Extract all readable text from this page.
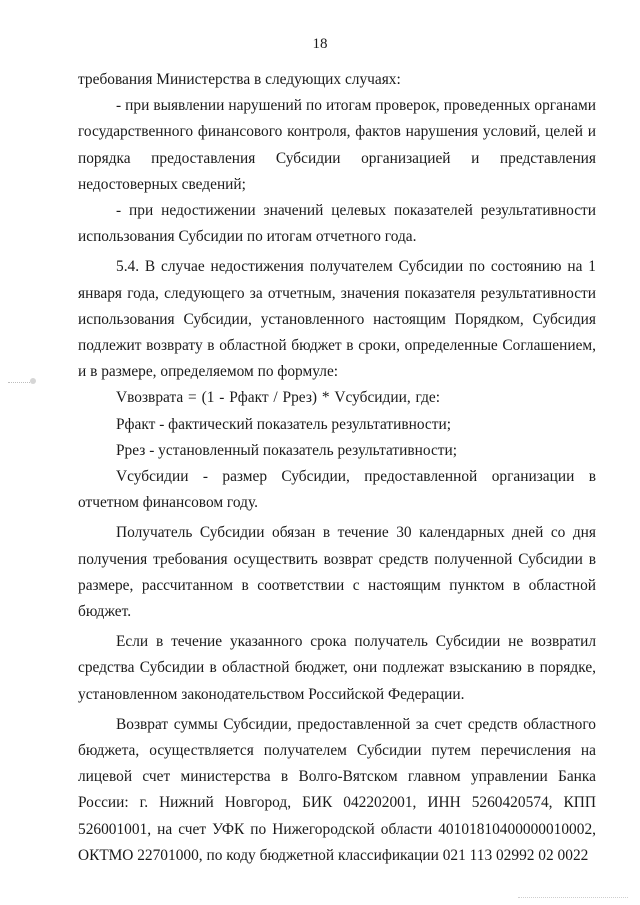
18

требования Министерства в следующих случаях:

- при выявлении нарушений по итогам проверок, проведенных органами государственного финансового контроля, фактов нарушения условий, целей и порядка предоставления Субсидии организацией и представления недостоверных сведений;

- при недостижении значений целевых показателей результативности использования Субсидии по итогам отчетного года.

5.4. В случае недостижения получателем Субсидии по состоянию на 1 января года, следующего за отчетным, значения показателя результативности использования Субсидии, установленного настоящим Порядком, Субсидия подлежит возврату в областной бюджет в сроки, определенные Соглашением, и в размере, определяемом по формуле:

Vвозврата = (1 - Рфакт / Ррез) * Vсубсидии, где:

Рфакт - фактический показатель результативности;

Ррез - установленный показатель результативности;

Vсубсидии - размер Субсидии, предоставленной организации в отчетном финансовом году.

Получатель Субсидии обязан в течение 30 календарных дней со дня получения требования осуществить возврат средств полученной Субсидии в размере, рассчитанном в соответствии с настоящим пунктом в областной бюджет.

Если в течение указанного срока получатель Субсидии не возвратил средства Субсидии в областной бюджет, они подлежат взысканию в порядке, установленном законодательством Российской Федерации.

Возврат суммы Субсидии, предоставленной за счет средств областного бюджета, осуществляется получателем Субсидии путем перечисления на лицевой счет министерства в Волго-Вятском главном управлении Банка России: г. Нижний Новгород, БИК 042202001, ИНН 5260420574, КПП 526001001, на счет УФК по Нижегородской области 40101810400000010002, ОКТМО 22701000, по коду бюджетной классификации 021 113 02992 02 0022
